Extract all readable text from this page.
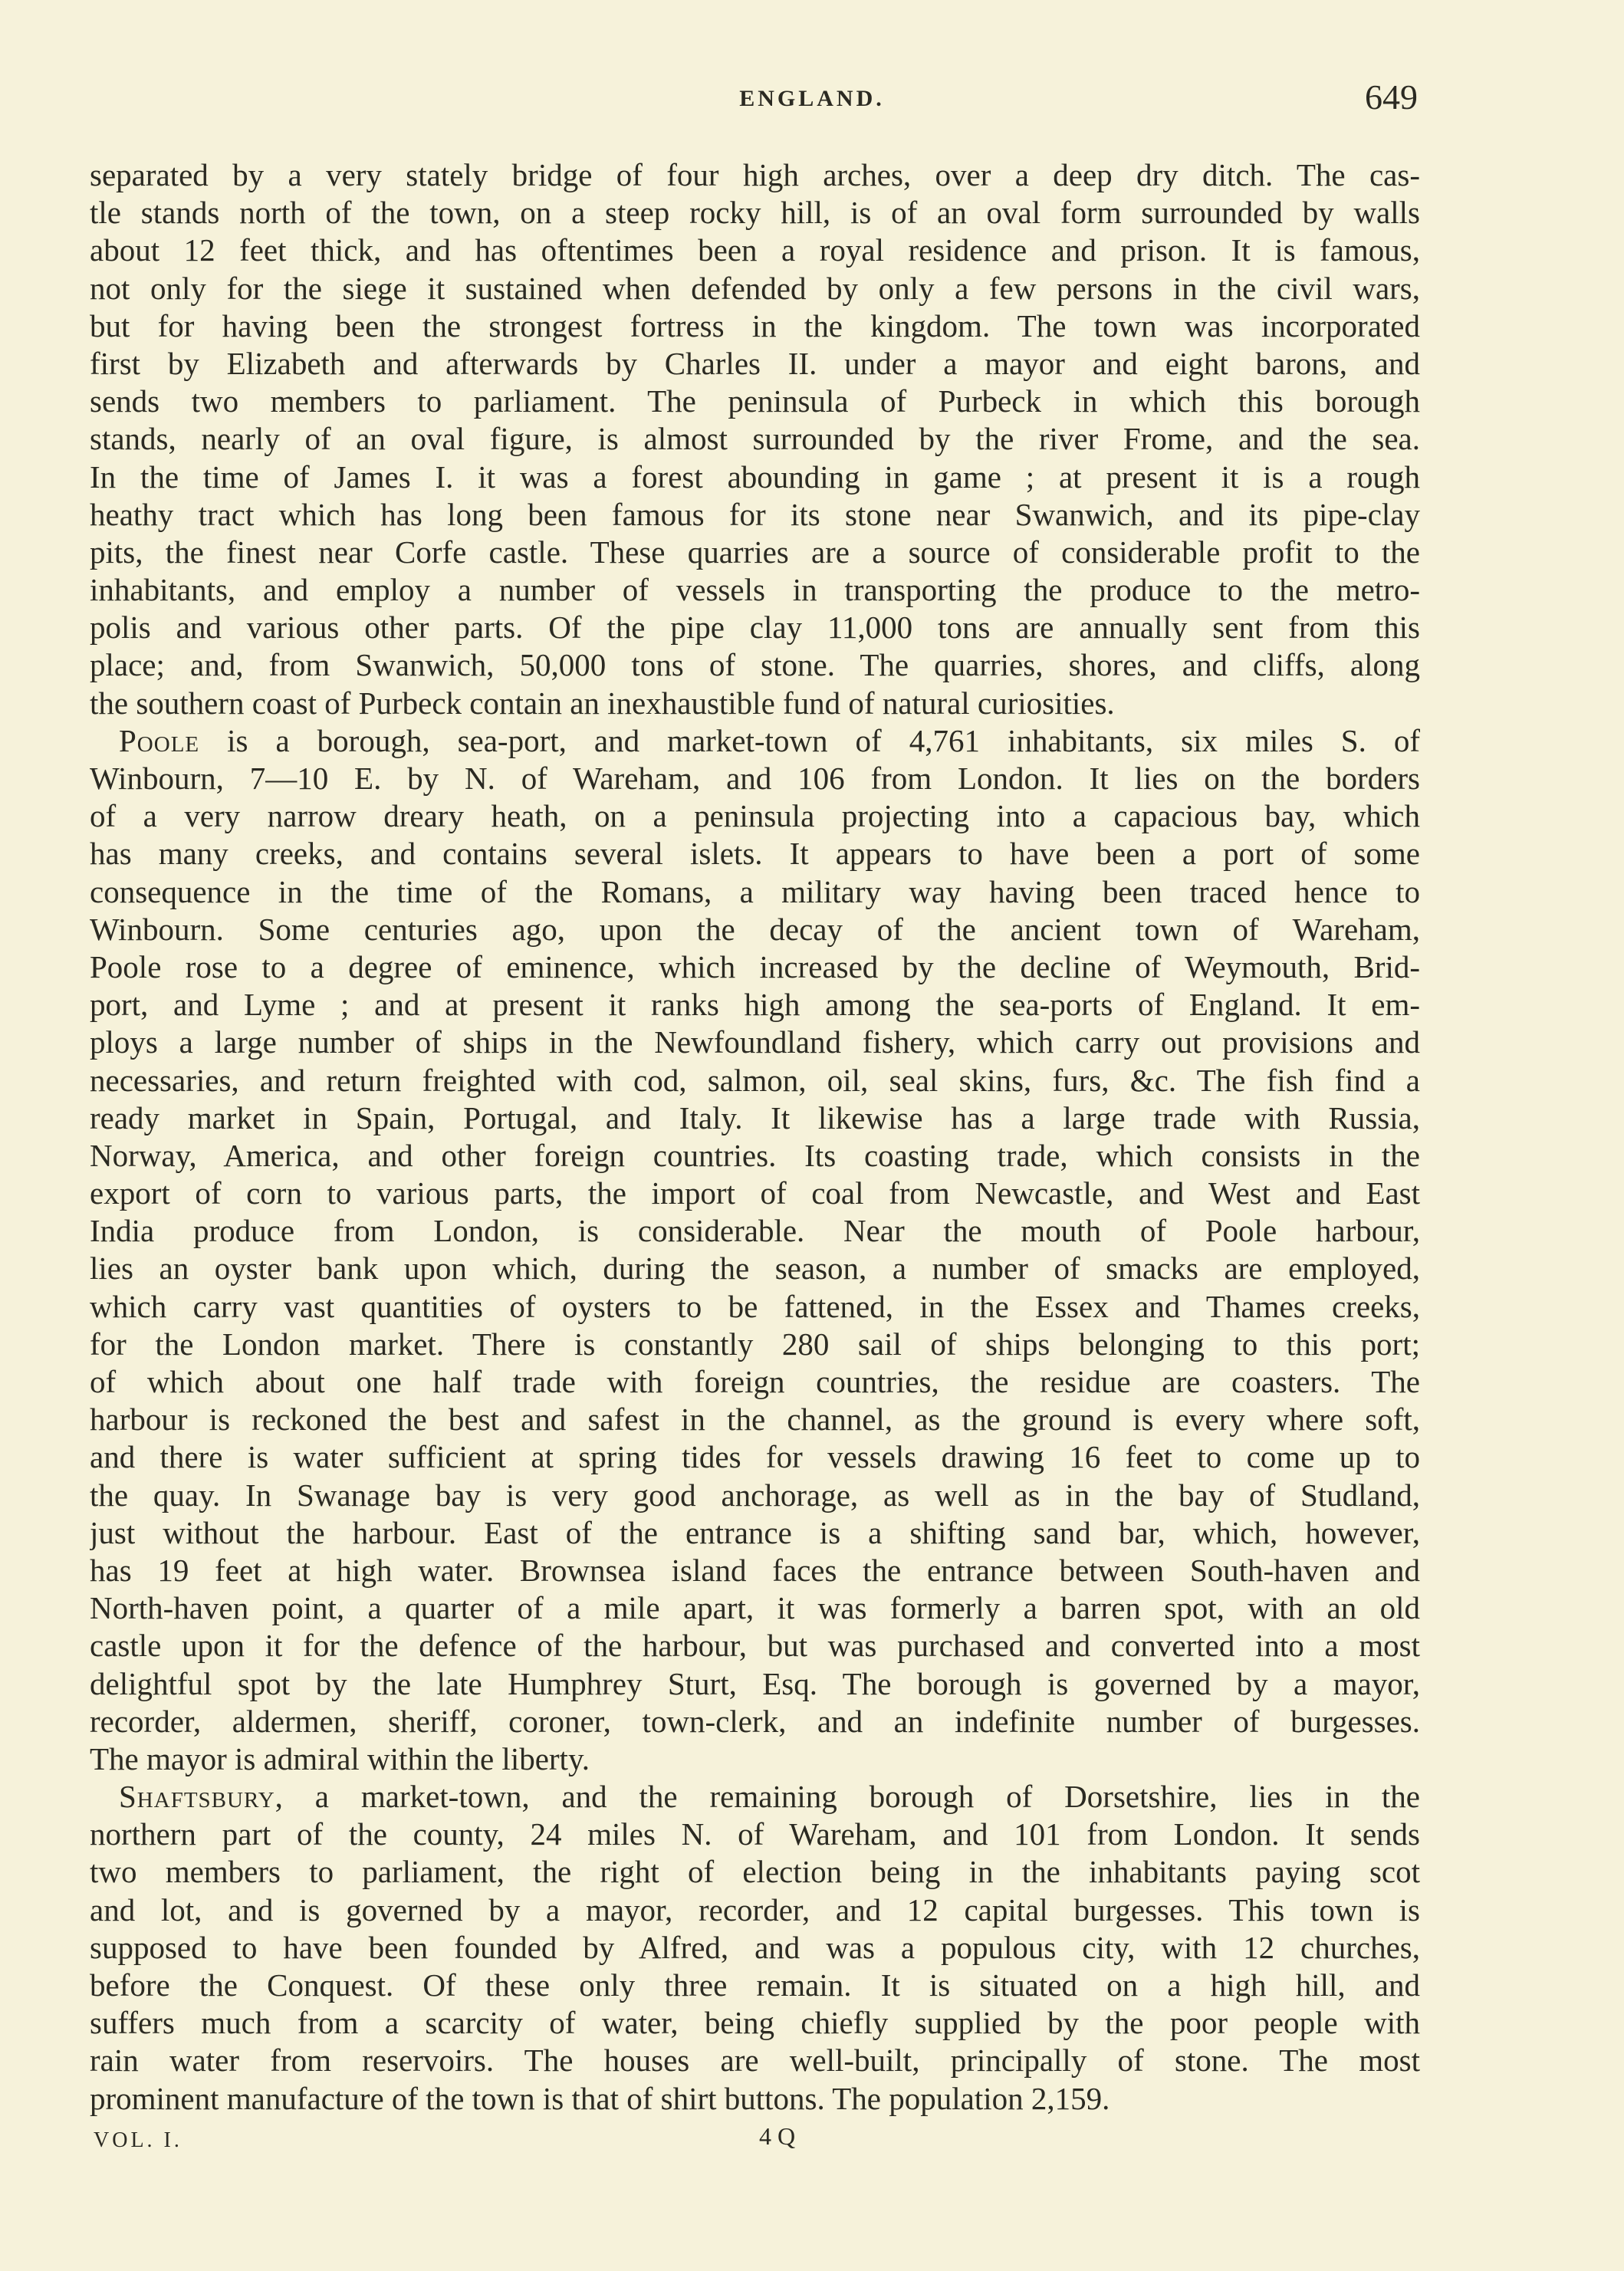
ENGLAND.	649
separated by a very stately bridge of four high arches, over a deep dry ditch. The cas-
tle stands north of the town, on a steep rocky hill, is of an oval form surrounded by walls
about 12 feet thick, and has oftentimes been a royal residence and prison. It is famous,
not only for the siege it sustained when defended by only a few persons in the civil wars,
but for having been the strongest fortress in the kingdom. The town was incorporated
first by Elizabeth and afterwards by Charles II. under a mayor and eight barons, and
sends two members to parliament. The peninsula of Purbeck in which this borough
stands, nearly of an oval figure, is almost surrounded by the river Frome, and the sea.
In the time of James I. it was a forest abounding in game ; at present it is a rough
heathy tract which has long been famous for its stone near Swanwich, and its pipe-clay
pits, the finest near Corfe castle. These quarries are a source of considerable profit to the
inhabitants, and employ a number of vessels in transporting the produce to the metro-
polis and various other parts. Of the pipe clay 11,000 tons are annually sent from this
place; and, from Swanwich, 50,000 tons of stone. The quarries, shores, and cliffs, along
the southern coast of Purbeck contain an inexhaustible fund of natural curiosities.
Poole is a borough, sea-port, and market-town of 4,761 inhabitants, six miles S. of
Winbourn, 7—10 E. by N. of Wareham, and 106 from London. It lies on the borders
of a very narrow dreary heath, on a peninsula projecting into a capacious bay, which
has many creeks, and contains several islets. It appears to have been a port of some
consequence in the time of the Romans, a military way having been traced hence to
Winbourn. Some centuries ago, upon the decay of the ancient town of Wareham,
Poole rose to a degree of eminence, which increased by the decline of Weymouth, Brid-
port, and Lyme ; and at present it ranks high among the sea-ports of England. It em-
ploys a large number of ships in the Newfoundland fishery, which carry out provisions and
necessaries, and return freighted with cod, salmon, oil, seal skins, furs, &c. The fish find a
ready market in Spain, Portugal, and Italy. It likewise has a large trade with Russia,
Norway, America, and other foreign countries. Its coasting trade, which consists in the
export of corn to various parts, the import of coal from Newcastle, and West and East
India produce from London, is considerable. Near the mouth of Poole harbour,
lies an oyster bank upon which, during the season, a number of smacks are employed,
which carry vast quantities of oysters to be fattened, in the Essex and Thames creeks,
for the London market. There is constantly 280 sail of ships belonging to this port;
of which about one half trade with foreign countries, the residue are coasters. The
harbour is reckoned the best and safest in the channel, as the ground is every where soft,
and there is water sufficient at spring tides for vessels drawing 16 feet to come up to
the quay. In Swanage bay is very good anchorage, as well as in the bay of Studland,
just without the harbour. East of the entrance is a shifting sand bar, which, however,
has 19 feet at high water. Brownsea island faces the entrance between South-haven and
North-haven point, a quarter of a mile apart, it was formerly a barren spot, with an old
castle upon it for the defence of the harbour, but was purchased and converted into a most
delightful spot by the late Humphrey Sturt, Esq. The borough is governed by a mayor,
recorder, aldermen, sheriff, coroner, town-clerk, and an indefinite number of burgesses.
The mayor is admiral within the liberty.
Shaftsbury, a market-town, and the remaining borough of Dorsetshire, lies in the
northern part of the county, 24 miles N. of Wareham, and 101 from London. It sends
two members to parliament, the right of election being in the inhabitants paying scot
and lot, and is governed by a mayor, recorder, and 12 capital burgesses. This town is
supposed to have been founded by Alfred, and was a populous city, with 12 churches,
before the Conquest. Of these only three remain. It is situated on a high hill, and
suffers much from a scarcity of water, being chiefly supplied by the poor people with
rain water from reservoirs. The houses are well-built, principally of stone. The most
prominent manufacture of the town is that of shirt buttons. The population 2,159.
VOL. I.	4 Q
